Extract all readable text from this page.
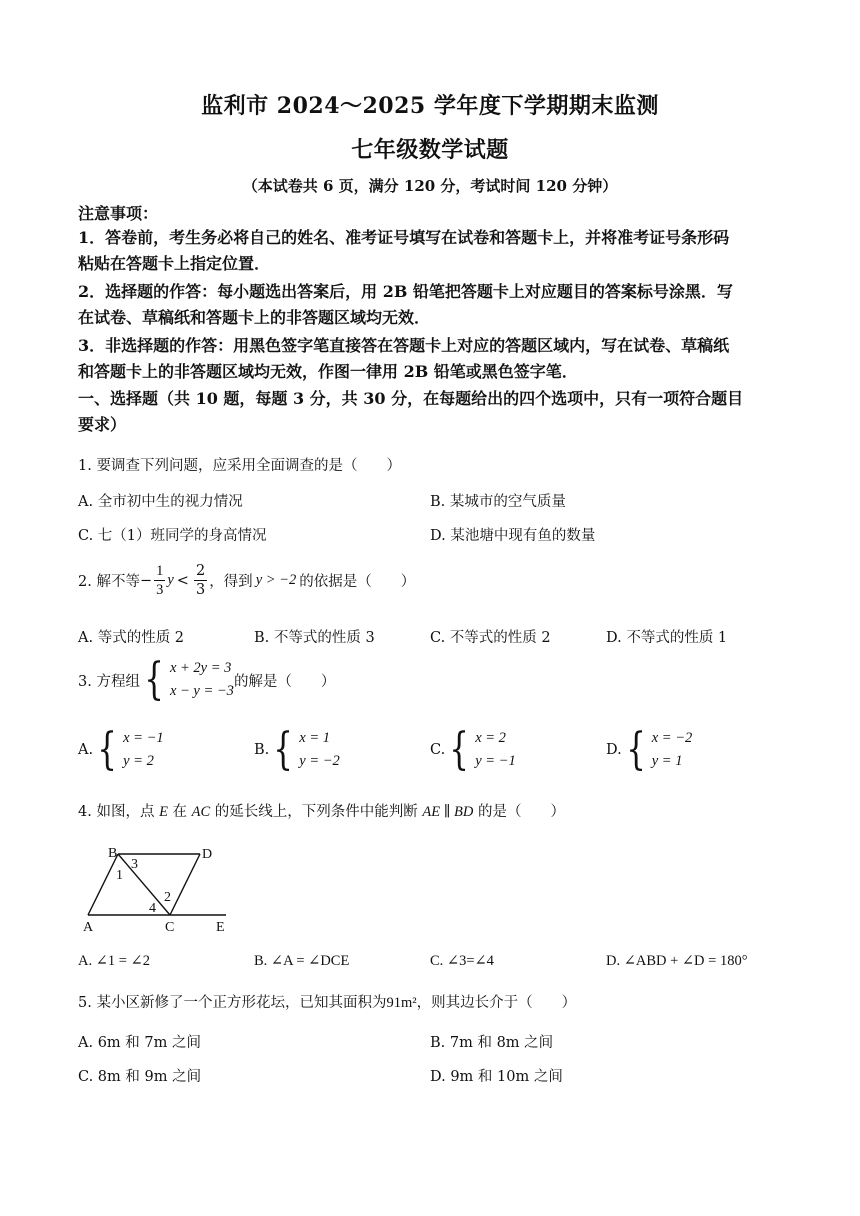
监利市 2024～2025 学年度下学期期末监测
七年级数学试题
（本试卷共 6 页，满分 120 分，考试时间 120 分钟）
注意事项：
1．答卷前，考生务必将自己的姓名、准考证号填写在试卷和答题卡上，并将准考证号条形码
粘贴在答题卡上指定位置．
2．选择题的作答：每小题选出答案后，用 2B 铅笔把答题卡上对应题目的答案标号涂黑．写
在试卷、草稿纸和答题卡上的非答题区域均无效．
3．非选择题的作答：用黑色签字笔直接答在答题卡上对应的答题区域内，写在试卷、草稿纸
和答题卡上的非答题区域均无效，作图一律用 2B 铅笔或黑色签字笔．
一、选择题（共 10 题，每题 3 分，共 30 分，在每题给出的四个选项中，只有一项符合题目
要求）
1. 要调查下列问题，应采用全面调查的是（　　）
A. 全市初中生的视力情况	B. 某城市的空气质量
C. 七（1）班同学的身高情况	D. 某池塘中现有鱼的数量
2. 解不等 − $\frac{1}{3}$ $y < \frac{2}{3}$ ，得到 y > −2 的依据是（　　）
A. 等式的性质 2	B. 不等式的性质 3	C. 不等式的性质 2	D. 不等式的性质 1
3. 方程组 { x + 2y = 3
x − y = −3
的解是（　　）
A. { x = −1
y = 2
B. { x = 1
y = −2
C. { x = 2
y = −1
D. { x = −2
y = 1
4. 如图，点 E 在 AC 的延长线上，下列条件中能判断 AE ∥ BD 的是（　　）
B	D
A	C	E
1
2
3
4
A. ∠1 = ∠2	B. ∠A = ∠DCE	C. ∠3=∠4	D. ∠ABD + ∠D = 180°
5. 某小区新修了一个正方形花坛，已知其面积为91m²，则其边长介于（　　）
A. 6m 和 7m 之间	B. 7m 和 8m 之间
C. 8m 和 9m 之间	D. 9m 和 10m 之间
